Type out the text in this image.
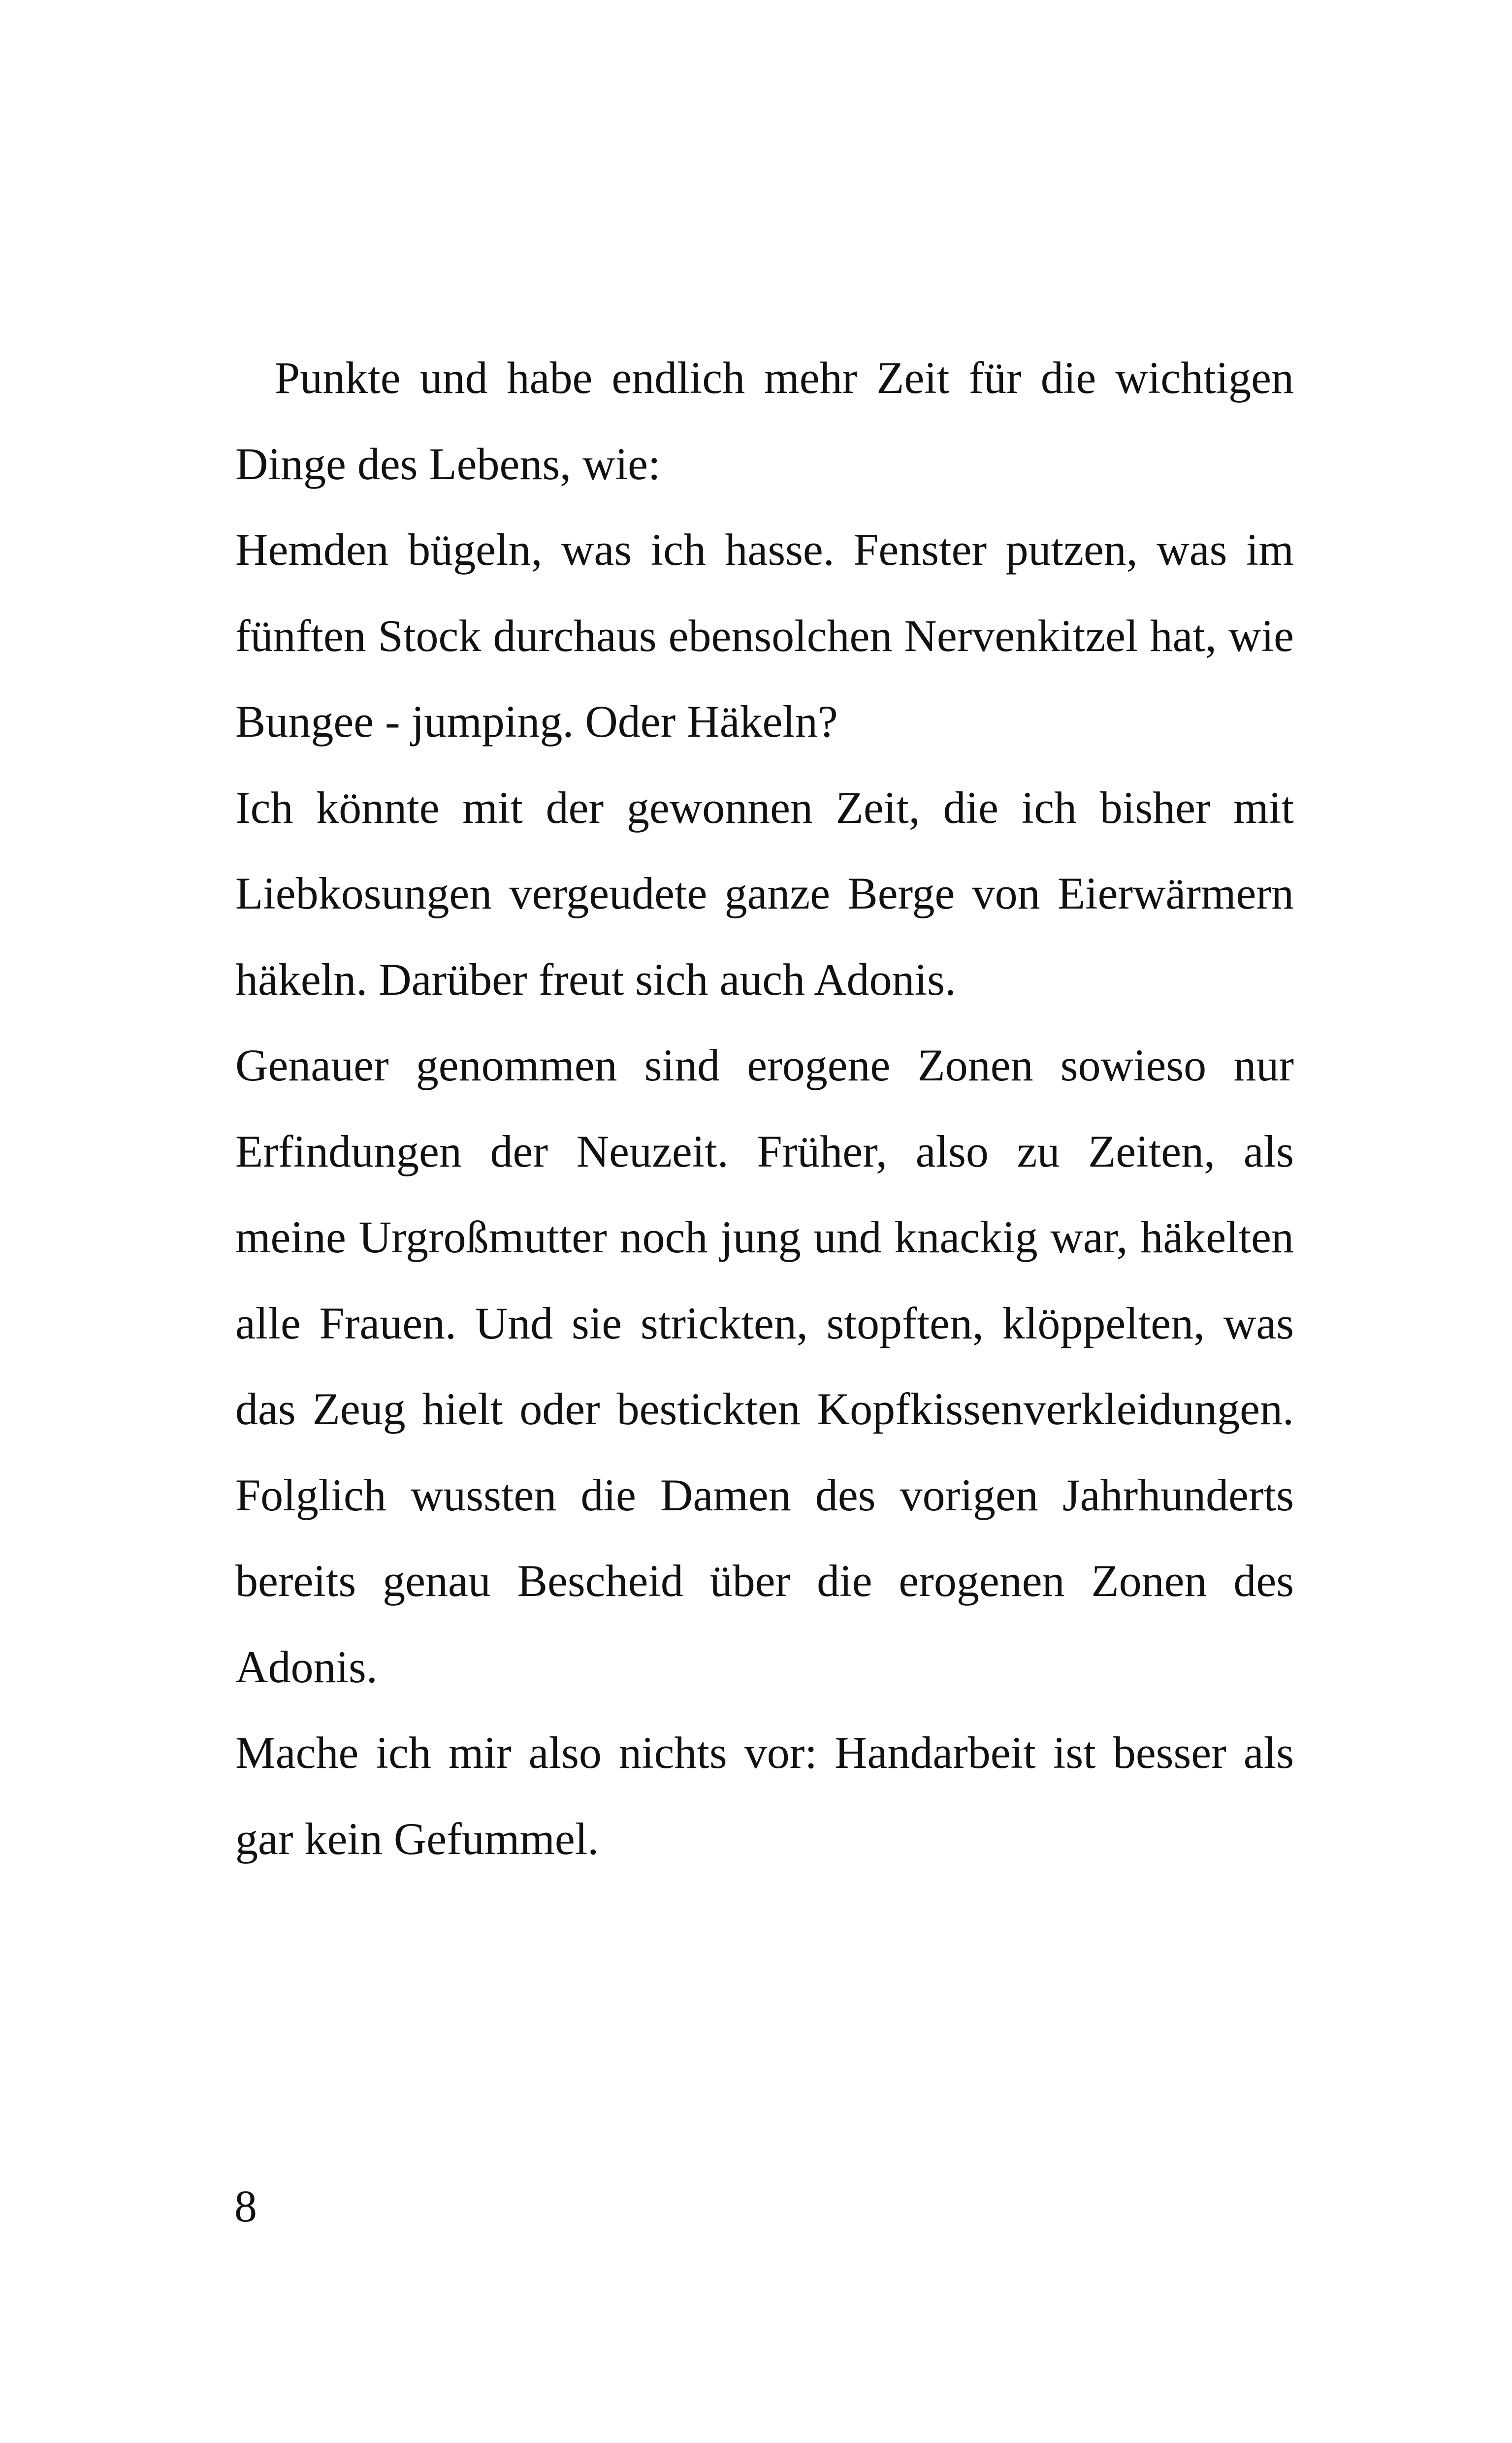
Punkte und habe endlich mehr Zeit für die wichtigen Dinge des Lebens, wie:

Hemden bügeln, was ich hasse. Fenster putzen, was im fünften Stock durchaus ebensolchen Nervenkitzel hat, wie Bungee - jumping. Oder Häkeln?

Ich könnte mit der gewonnen Zeit, die ich bisher mit Liebkosungen vergeudete ganze Berge von Eierwärmern häkeln. Darüber freut sich auch Adonis.

Genauer genommen sind erogene Zonen sowieso nur Erfindungen der Neuzeit. Früher, also zu Zeiten, als meine Urgroßmutter noch jung und knackig war, häkelten alle Frauen. Und sie strickten, stopften, klöppelten, was das Zeug hielt oder bestickten Kopfkissenverkleidungen. Folglich wussten die Damen des vorigen Jahrhunderts bereits genau Bescheid über die erogenen Zonen des Adonis.

Mache ich mir also nichts vor: Handarbeit ist besser als gar kein Gefummel.

8
